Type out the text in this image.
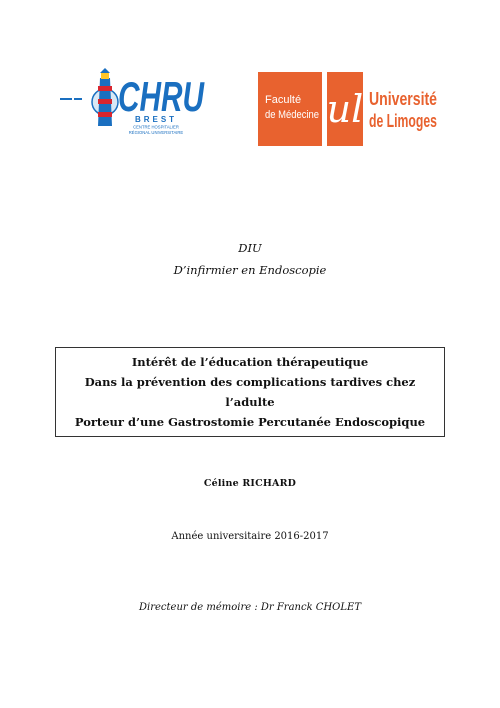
CHRU
BREST
CENTRE HOSPITALIER
RÉGIONAL UNIVERSITAIRE
Faculté
de Médecine ul Université
de Limoges
DIU
D’infirmier en Endoscopie
Intérêt de l’éducation thérapeutique
Dans la prévention des complications tardives chez
l’adulte
Porteur d’une Gastrostomie Percutanée Endoscopique
Céline RICHARD
Année universitaire 2016-2017
Directeur de mémoire : Dr Franck CHOLET
